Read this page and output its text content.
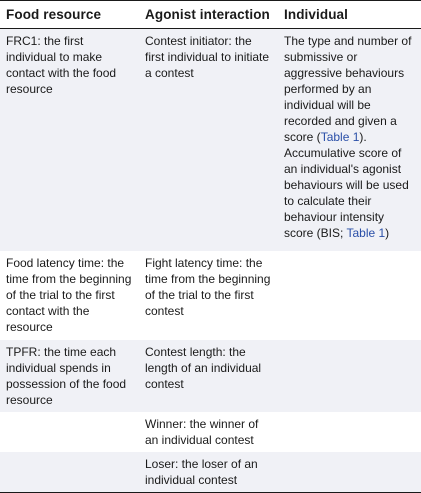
Food resource	Agonist interaction	Individual
FRC1: the first individual to make contact with the food resource	Contest initiator: the first individual to initiate a contest	The type and number of submissive or aggressive behaviours performed by an individual will be recorded and given a score (Table 1). Accumulative score of an individual's agonist behaviours will be used to calculate their behaviour intensity score (BIS; Table 1)
Food latency time: the time from the beginning of the trial to the first contact with the resource	Fight latency time: the time from the beginning of the trial to the first contest	
TPFR: the time each individual spends in possession of the food resource	Contest length: the length of an individual contest	
	Winner: the winner of an individual contest	
	Loser: the loser of an individual contest	
